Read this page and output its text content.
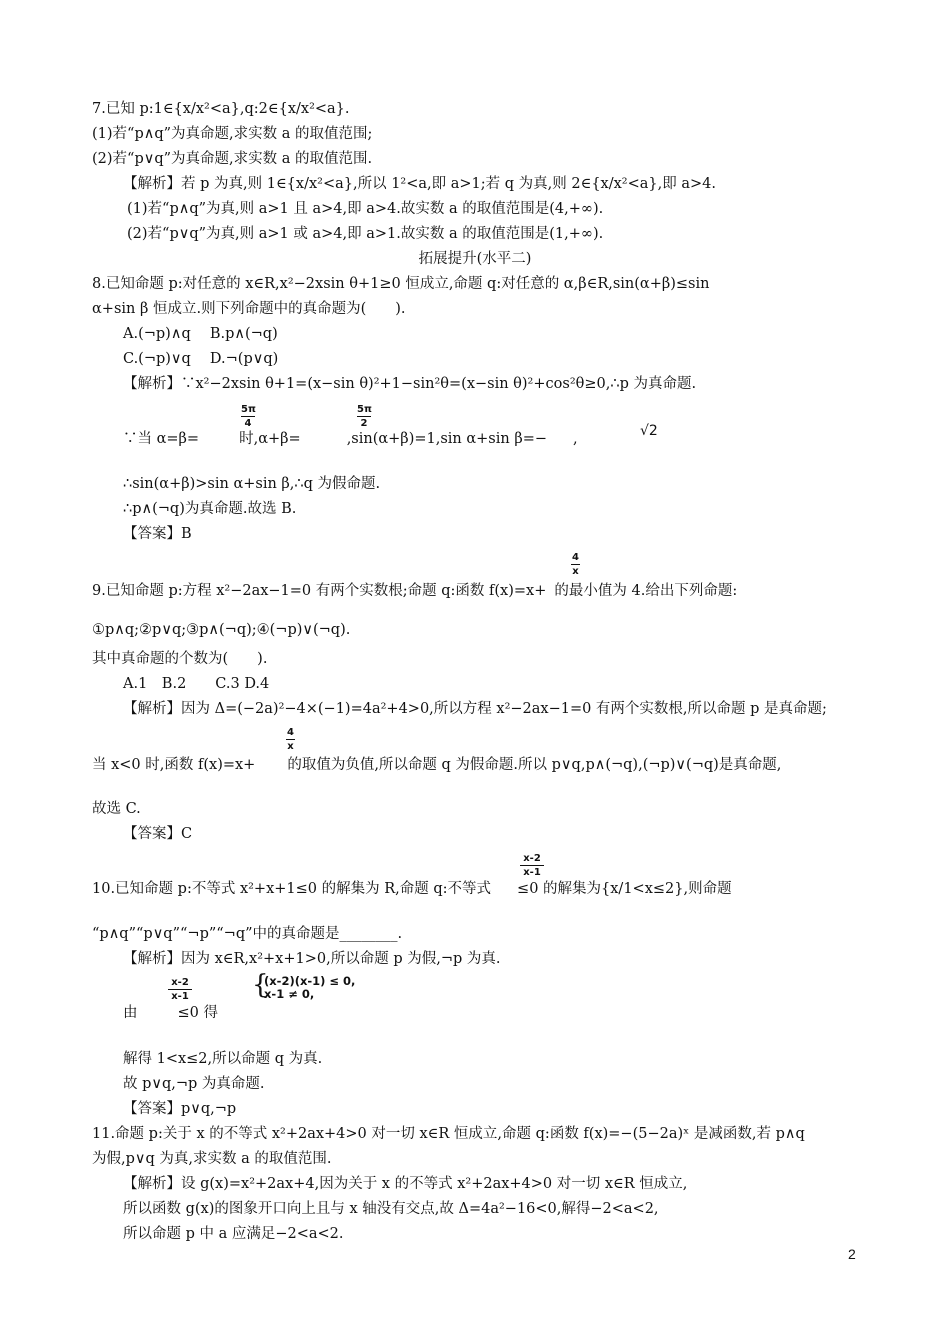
7.已知 p:1∈{x/x²<a},q:2∈{x/x²<a}.
(1)若“p∧q”为真命题,求实数 a 的取值范围;
(2)若“p∨q”为真命题,求实数 a 的取值范围.
【解析】若 p 为真,则 1∈{x/x²<a},所以 1²<a,即 a>1;若 q 为真,则 2∈{x/x²<a},即 a>4.
(1)若“p∧q”为真,则 a>1 且 a>4,即 a>4.故实数 a 的取值范围是(4,+∞).
(2)若“p∨q”为真,则 a>1 或 a>4,即 a>1.故实数 a 的取值范围是(1,+∞).
拓展提升(水平二)
8.已知命题 p:对任意的 x∈R,x²−2xsin θ+1≥0 恒成立,命题 q:对任意的 α,β∈R,sin(α+β)≤sin
α+sin β 恒成立.则下列命题中的真命题为(　　).
A.(¬p)∧q　 B.p∧(¬q)
C.(¬p)∨q　 D.¬(p∨q)
【解析】∵x²−2xsin θ+1=(x−sin θ)²+1−sin²θ=(x−sin θ)²+cos²θ≥0,∴p 为真命题.
∴sin(α+β)>sin α+sin β,∴q 为假命题.
∴p∧(¬q)为真命题.故选 B.
【答案】B
①p∧q;②p∨q;③p∧(¬q);④(¬p)∨(¬q).
其中真命题的个数为(　　).
A.1　B.2　　C.3 D.4
【解析】因为 Δ=(−2a)²−4×(−1)=4a²+4>0,所以方程 x²−2ax−1=0 有两个实数根,所以命题 p 是真命题;
故选 C.
【答案】C
“p∧q”“p∨q”“¬p”“¬q”中的真命题是________.
【解析】因为 x∈R,x²+x+1>0,所以命题 p 为假,¬p 为真.
解得 1<x≤2,所以命题 q 为真.
故 p∨q,¬p 为真命题.
【答案】p∨q,¬p
11.命题 p:关于 x 的不等式 x²+2ax+4>0 对一切 x∈R 恒成立,命题 q:函数 f(x)=−(5−2a)ˣ 是减函数,若 p∧q
为假,p∨q 为真,求实数 a 的取值范围.
【解析】设 g(x)=x²+2ax+4,因为关于 x 的不等式 x²+2ax+4>0 对一切 x∈R 恒成立,
所以函数 g(x)的图象开口向上且与 x 轴没有交点,故 Δ=4a²−16<0,解得−2<a<2,
所以命题 p 中 a 应满足−2<a<2.
∵当 α=β=	时,α+β=	,sin(α+β)=1,sin α+sin β=− ,
5π
4
5π
2	√2
9.已知命题 p:方程 x²−2ax−1=0 有两个实数根;命题 q:函数 f(x)=x+ 的最小值为 4.给出下列命题:
4
x
当 x<0 时,函数 f(x)=x+ 的取值为负值,所以命题 q 为假命题.所以 p∨q,p∧(¬q),(¬p)∨(¬q)是真命题,
4
x
10.已知命题 p:不等式 x²+x+1≤0 的解集为 R,命题 q:不等式 ≤0 的解集为{x/1<x≤2},则命题
x-2
x-1
由	≤0 得
x-2
x-1 {
(x-2)(x-1) ≤ 0,
x-1 ≠ 0,
2
